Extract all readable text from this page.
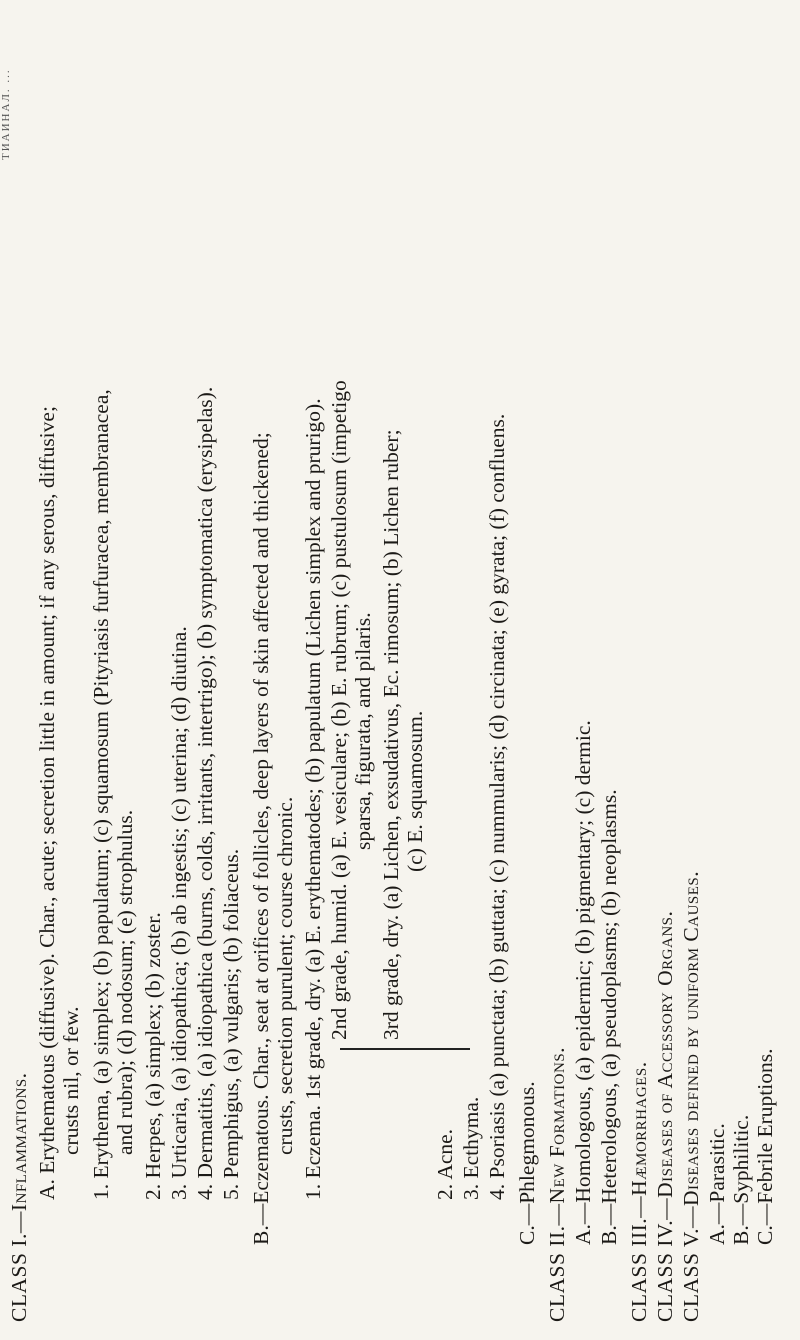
ТИАИНАЛ. ...
CLASS I.—Inflammations. A. Erythematous (diffusive). Char., acute; secretion little in amount; if any serous, diffusive; crusts nil, or few. 1. Erythema, (a) simplex; (b) papulatum; (c) squamosum (Pityriasis furfuracea, membranacea, and rubra); (d) nodosum; (e) strophulus. 2. Herpes, (a) simplex; (b) zoster. 3. Urticaria, (a) idiopathica; (b) ab ingestis; (c) uterina; (d) diutina. 4. Dermatitis, (a) idiopathica (burns, colds, irritants, intertrigo); (b) symptomatica (erysipelas). 5. Pemphigus, (a) vulgaris; (b) foliaceus. B.—Eczematous. Char., seat at orifices of follicles, deep layers of skin affected and thickened; crusts, secretion purulent; course chronic. 1. Eczema. 1st grade, dry. (a) E. erythematodes; (b) papulatum (Lichen simplex and prurigo). 2nd grade, humid. (a) E. vesiculare; (b) E. rubrum; (c) pustulosum (impetigo sparsa, figurata, and pilaris. 3rd grade, dry. (a) Lichen, exsudativus, Ec. rimosum; (b) Lichen ruber; (c) E. squamosum.
2. Acne. 3. Ecthyma. 4. Psoriasis (a) punctata; (b) guttata; (c) nummularis; (d) circinata; (e) gyrata; (f) confluens. C.—Phlegmonous. CLASS II.—New Formations. A.—Homologous, (a) epidermic; (b) pigmentary; (c) dermic. B.—Heterologous, (a) pseudoplasms; (b) neoplasms. CLASS III.—Hæmorrhages. CLASS IV.—Diseases of Accessory Organs. CLASS V.—Diseases defined by uniform Causes. A.—Parasitic. B.—Syphilitic. C.—Febrile Eruptions.
